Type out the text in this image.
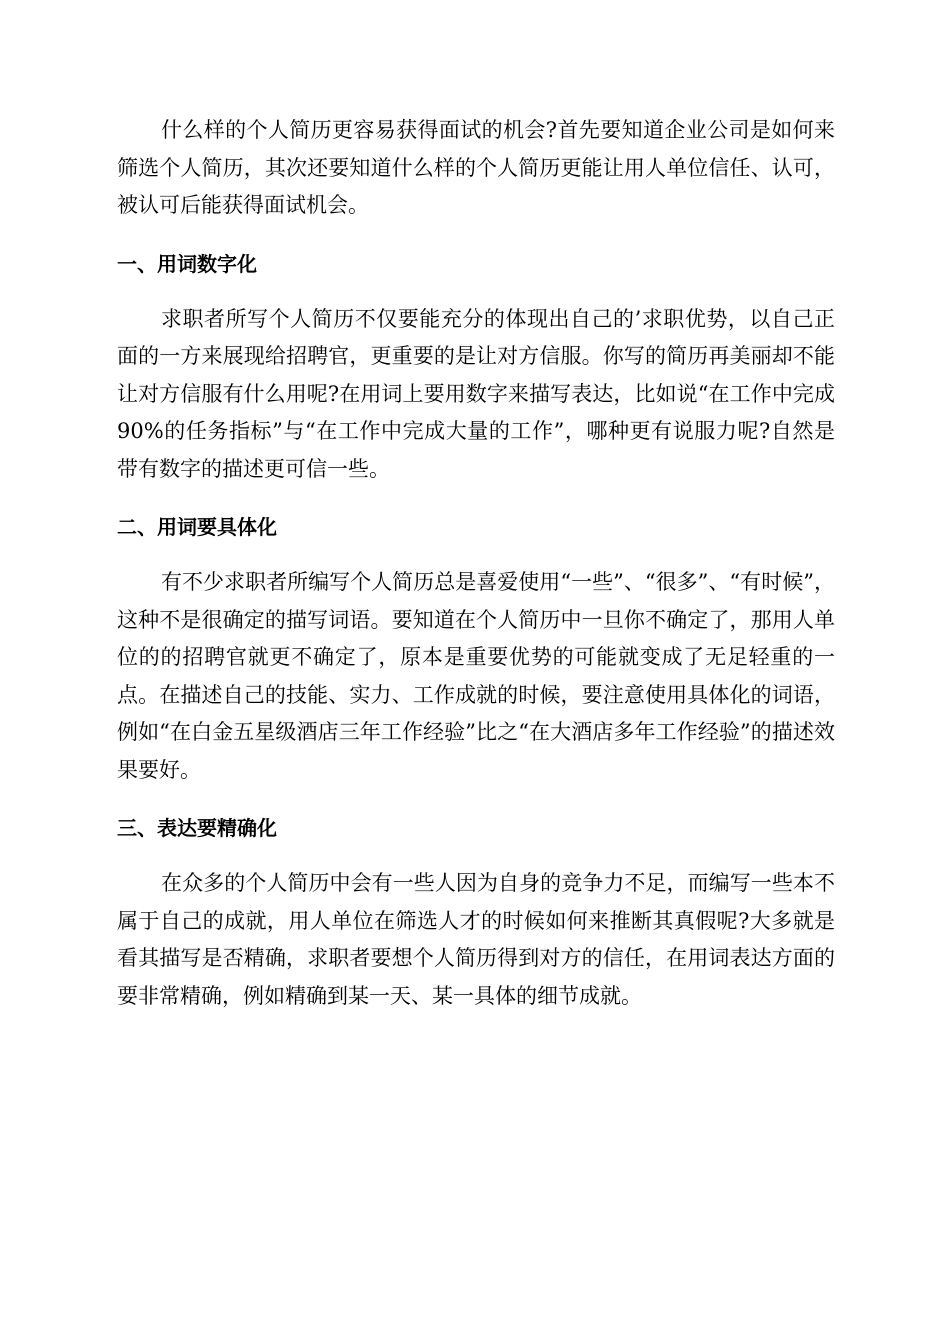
什么样的个人简历更容易获得面试的机会?首先要知道企业公司是如何来筛选个人简历，其次还要知道什么样的个人简历更能让用人单位信任、认可，被认可后能获得面试机会。

一、用词数字化

求职者所写个人简历不仅要能充分的体现出自己的’求职优势，以自己正面的一方来展现给招聘官，更重要的是让对方信服。你写的简历再美丽却不能让对方信服有什么用呢?在用词上要用数字来描写表达，比如说“在工作中完成90%的任务指标”与“在工作中完成大量的工作”，哪种更有说服力呢?自然是带有数字的描述更可信一些。

二、用词要具体化

有不少求职者所编写个人简历总是喜爱使用“一些”、“很多”、“有时候”，这种不是很确定的描写词语。要知道在个人简历中一旦你不确定了，那用人单位的的招聘官就更不确定了，原本是重要优势的可能就变成了无足轻重的一点。在描述自己的技能、实力、工作成就的时候，要注意使用具体化的词语，例如“在白金五星级酒店三年工作经验”比之“在大酒店多年工作经验”的描述效果要好。

三、表达要精确化

在众多的个人简历中会有一些人因为自身的竞争力不足，而编写一些本不属于自己的成就，用人单位在筛选人才的时候如何来推断其真假呢?大多就是看其描写是否精确，求职者要想个人简历得到对方的信任，在用词表达方面的要非常精确，例如精确到某一天、某一具体的细节成就。
